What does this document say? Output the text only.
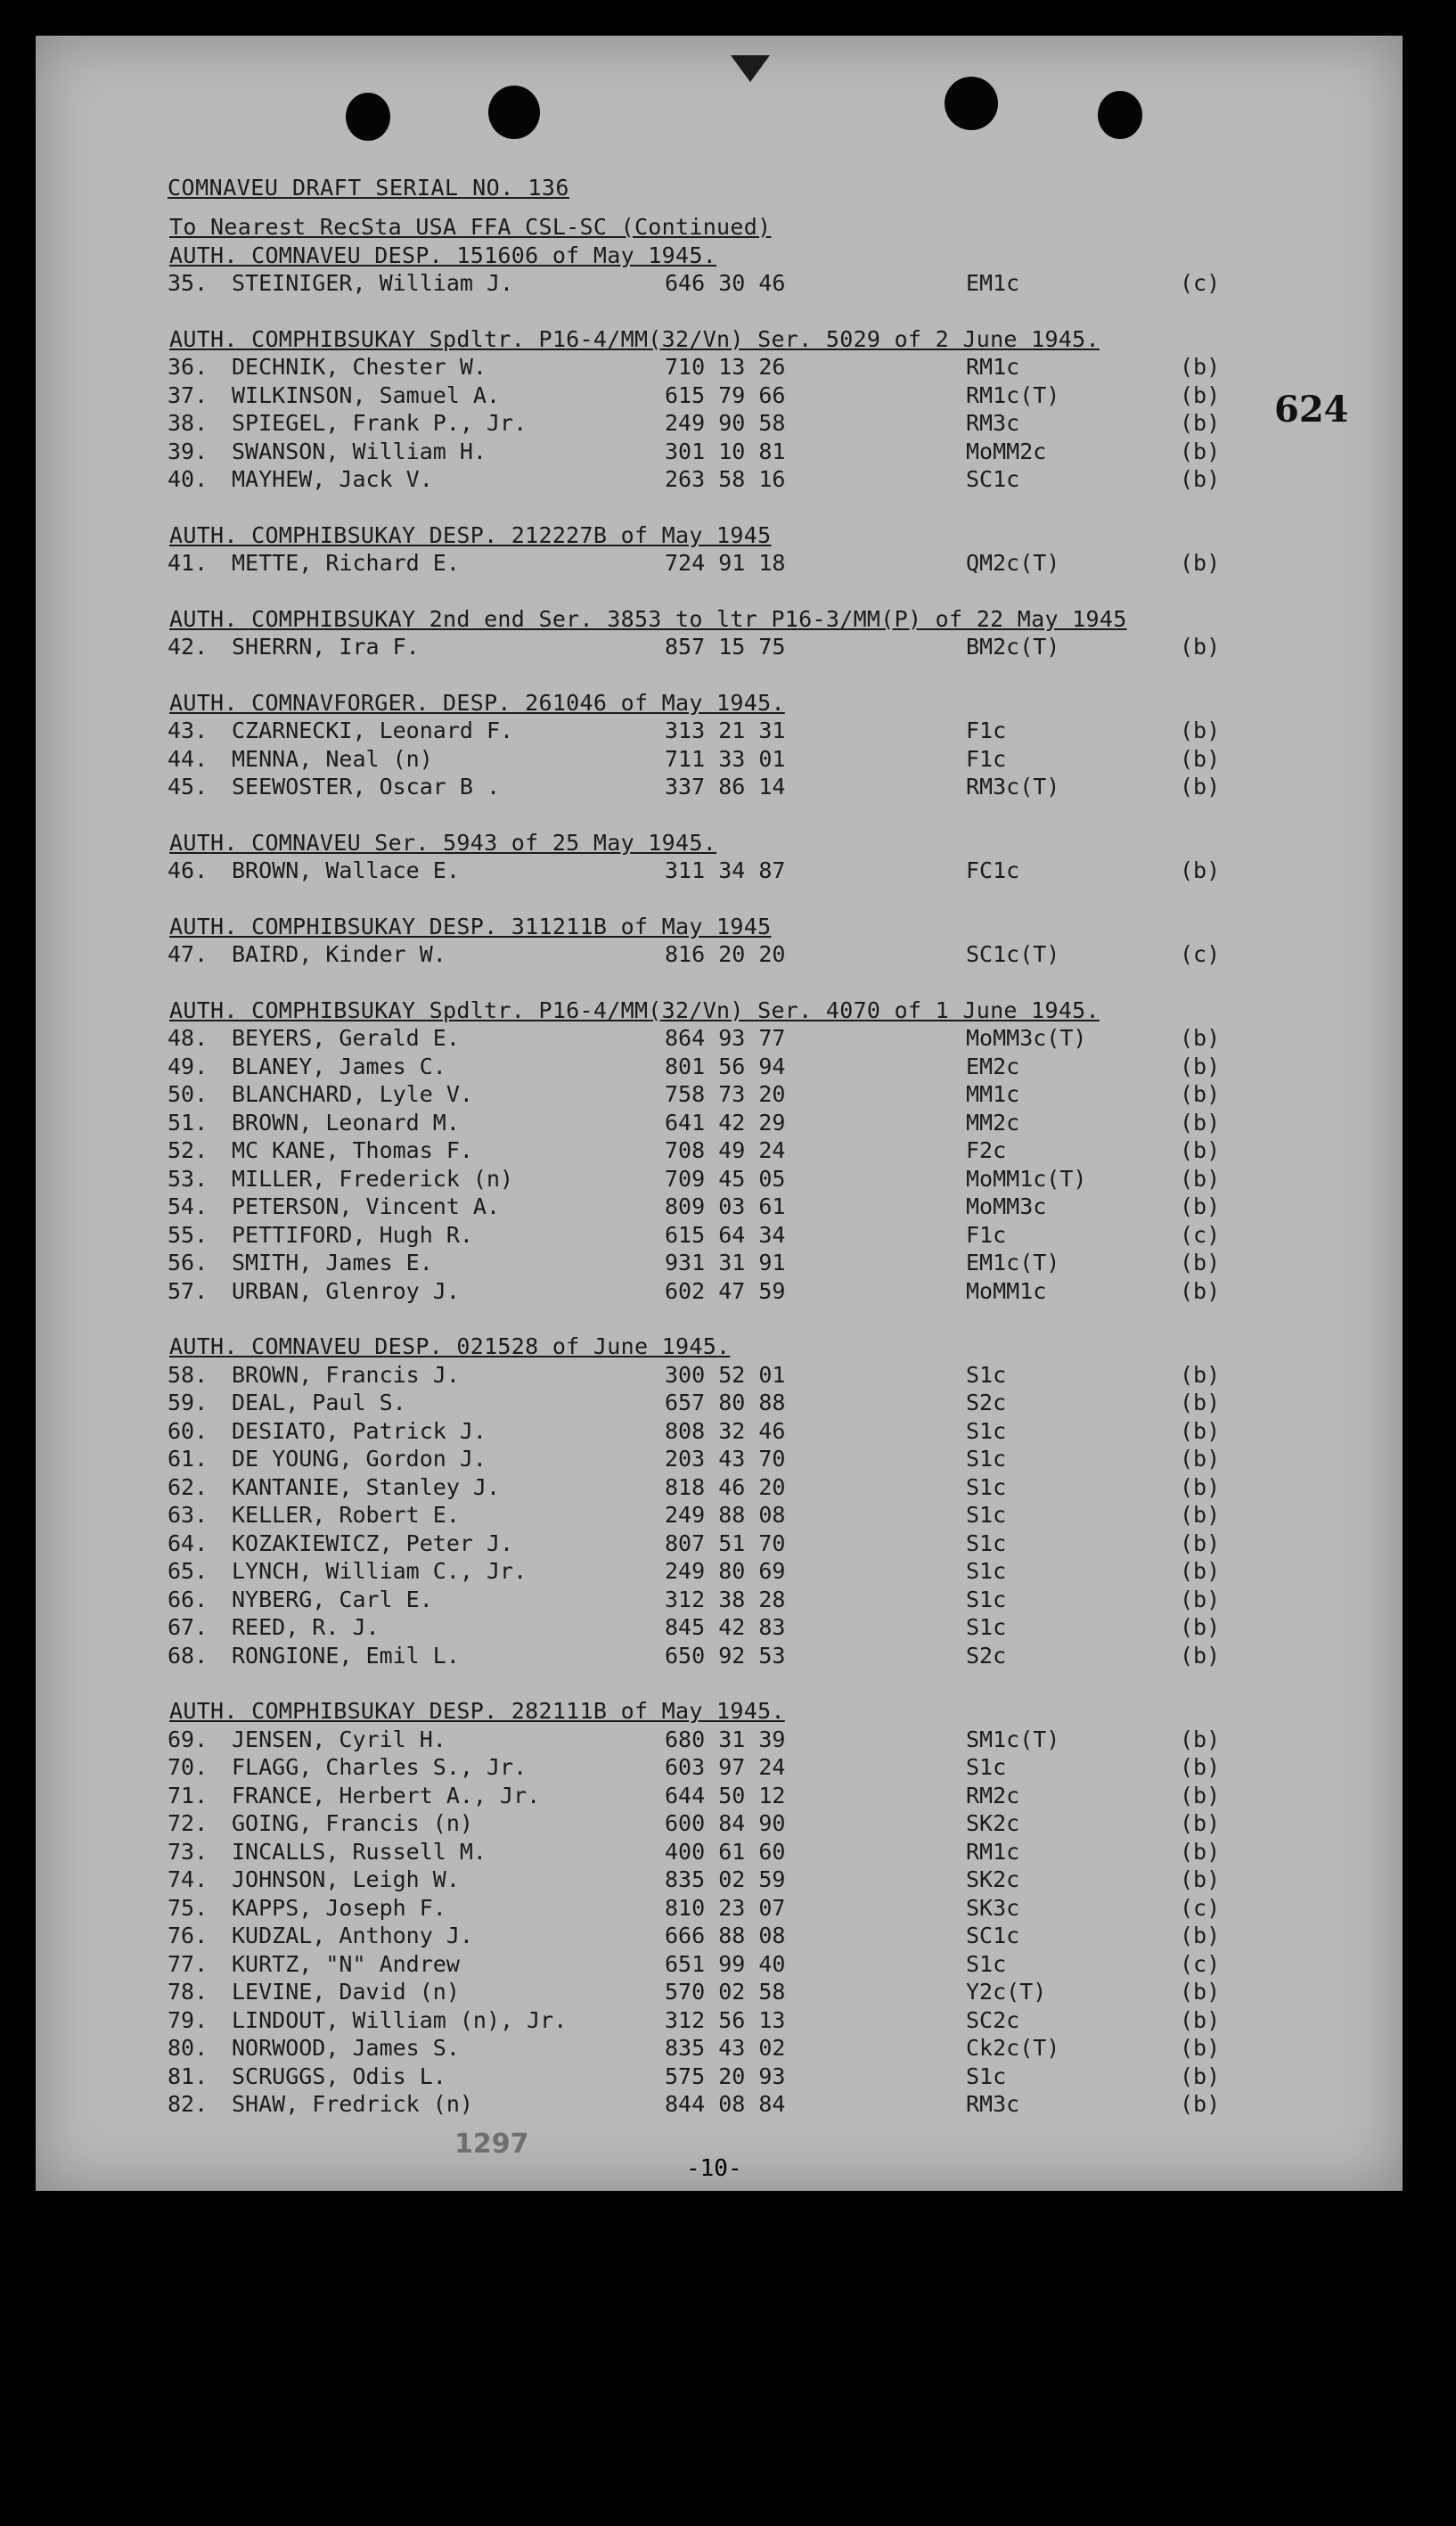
624
COMNAVEU DRAFT SERIAL NO. 136
To Nearest RecSta USA FFA CSL-SC (Continued)
AUTH. COMNAVEU DESP. 151606 of May 1945.
35.	STEINIGER, William J.	646 30 46	EM1c	(c)
AUTH. COMPHIBSUKAY Spdltr. P16-4/MM(32/Vn) Ser. 5029 of 2 June 1945.
36.	DECHNIK, Chester W.	710 13 26	RM1c	(b)
37.	WILKINSON, Samuel A.	615 79 66	RM1c(T)	(b)
38.	SPIEGEL, Frank P., Jr.	249 90 58	RM3c	(b)
39.	SWANSON, William H.	301 10 81	MoMM2c	(b)
40.	MAYHEW, Jack V.	263 58 16	SC1c	(b)
AUTH. COMPHIBSUKAY DESP. 212227B of May 1945
41.	METTE, Richard E.	724 91 18	QM2c(T)	(b)
AUTH. COMPHIBSUKAY 2nd end Ser. 3853 to ltr P16-3/MM(P) of 22 May 1945
42.	SHERRN, Ira F.	857 15 75	BM2c(T)	(b)
AUTH. COMNAVFORGER. DESP. 261046 of May 1945.
43.	CZARNECKI, Leonard F.	313 21 31	F1c	(b)
44.	MENNA, Neal (n)	711 33 01	F1c	(b)
45.	SEEWOSTER, Oscar B .	337 86 14	RM3c(T)	(b)
AUTH. COMNAVEU Ser. 5943 of 25 May 1945.
46.	BROWN, Wallace E.	311 34 87	FC1c	(b)
AUTH. COMPHIBSUKAY DESP. 311211B of May 1945
47.	BAIRD, Kinder W.	816 20 20	SC1c(T)	(c)
AUTH. COMPHIBSUKAY Spdltr. P16-4/MM(32/Vn) Ser. 4070 of 1 June 1945.
48.	BEYERS, Gerald E.	864 93 77	MoMM3c(T)	(b)
49.	BLANEY, James C.	801 56 94	EM2c	(b)
50.	BLANCHARD, Lyle V.	758 73 20	MM1c	(b)
51.	BROWN, Leonard M.	641 42 29	MM2c	(b)
52.	MC KANE, Thomas F.	708 49 24	F2c	(b)
53.	MILLER, Frederick (n)	709 45 05	MoMM1c(T)	(b)
54.	PETERSON, Vincent A.	809 03 61	MoMM3c	(b)
55.	PETTIFORD, Hugh R.	615 64 34	F1c	(c)
56.	SMITH, James E.	931 31 91	EM1c(T)	(b)
57.	URBAN, Glenroy J.	602 47 59	MoMM1c	(b)
AUTH. COMNAVEU DESP. 021528 of June 1945.
58.	BROWN, Francis J.	300 52 01	S1c	(b)
59.	DEAL, Paul S.	657 80 88	S2c	(b)
60.	DESIATO, Patrick J.	808 32 46	S1c	(b)
61.	DE YOUNG, Gordon J.	203 43 70	S1c	(b)
62.	KANTANIE, Stanley J.	818 46 20	S1c	(b)
63.	KELLER, Robert E.	249 88 08	S1c	(b)
64.	KOZAKIEWICZ, Peter J.	807 51 70	S1c	(b)
65.	LYNCH, William C., Jr.	249 80 69	S1c	(b)
66.	NYBERG, Carl E.	312 38 28	S1c	(b)
67.	REED, R. J.	845 42 83	S1c	(b)
68.	RONGIONE, Emil L.	650 92 53	S2c	(b)
AUTH. COMPHIBSUKAY DESP. 282111B of May 1945.
69.	JENSEN, Cyril H.	680 31 39	SM1c(T)	(b)
70.	FLAGG, Charles S., Jr.	603 97 24	S1c	(b)
71.	FRANCE, Herbert A., Jr.	644 50 12	RM2c	(b)
72.	GOING, Francis (n)	600 84 90	SK2c	(b)
73.	INCALLS, Russell M.	400 61 60	RM1c	(b)
74.	JOHNSON, Leigh W.	835 02 59	SK2c	(b)
75.	KAPPS, Joseph F.	810 23 07	SK3c	(c)
76.	KUDZAL, Anthony J.	666 88 08	SC1c	(b)
77.	KURTZ, "N" Andrew	651 99 40	S1c	(c)
78.	LEVINE, David (n)	570 02 58	Y2c(T)	(b)
79.	LINDOUT, William (n), Jr.	312 56 13	SC2c	(b)
80.	NORWOOD, James S.	835 43 02	Ck2c(T)	(b)
81.	SCRUGGS, Odis L.	575 20 93	S1c	(b)
82.	SHAW, Fredrick (n)	844 08 84	RM3c	(b)
1297
-10-
